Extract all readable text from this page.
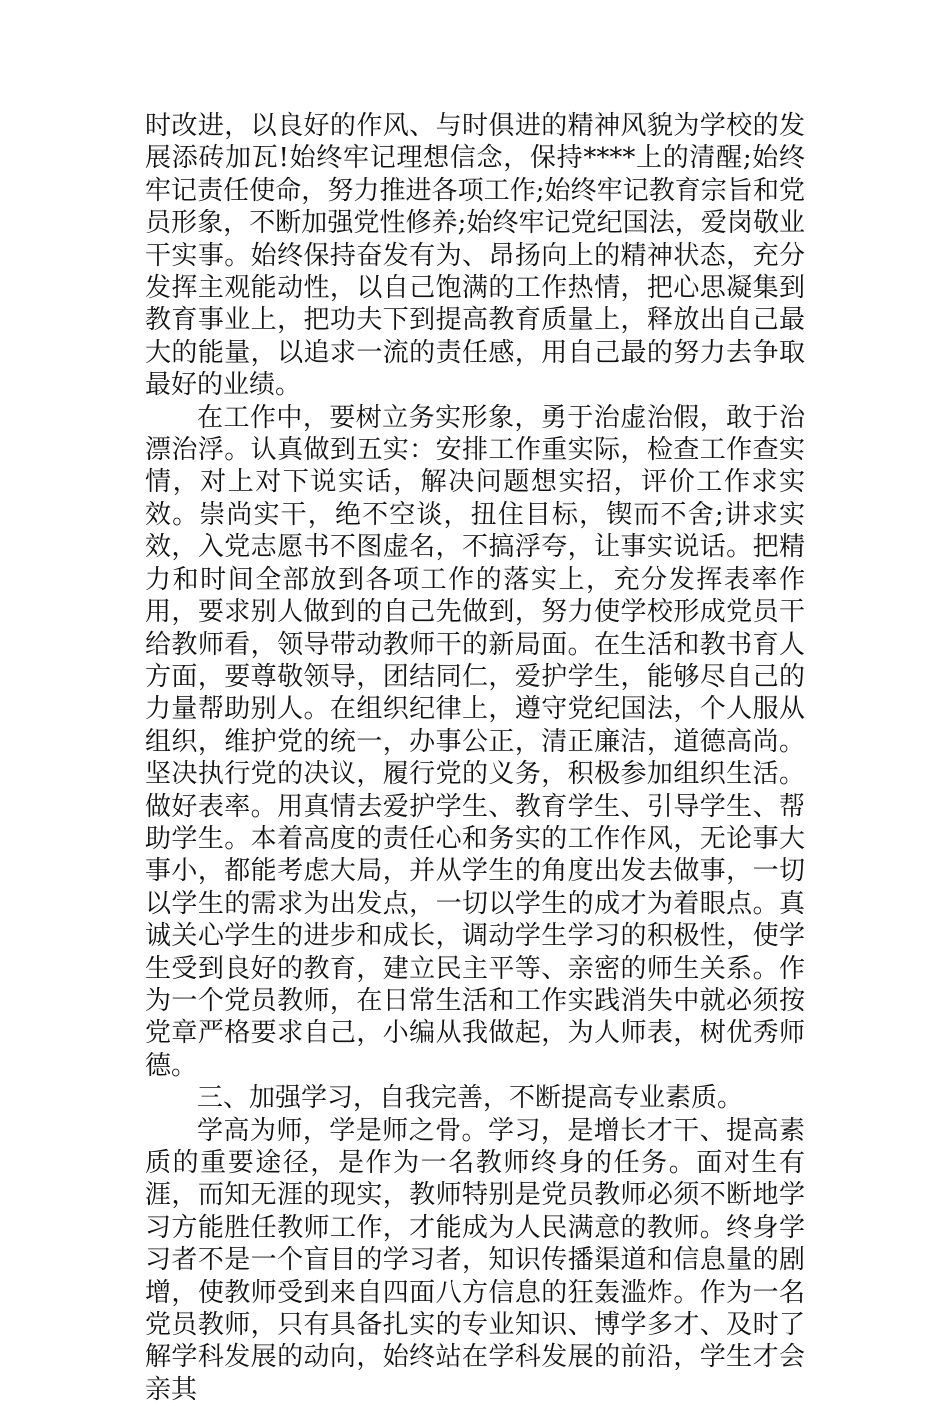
时改进，以良好的作风、与时俱进的精神风貌为学校的发展添砖加瓦!始终牢记理想信念，保持****上的清醒;始终牢记责任使命，努力推进各项工作;始终牢记教育宗旨和党员形象，不断加强党性修养;始终牢记党纪国法，爱岗敬业干实事。始终保持奋发有为、昂扬向上的精神状态，充分发挥主观能动性，以自己饱满的工作热情，把心思凝集到教育事业上，把功夫下到提高教育质量上，释放出自己最大的能量，以追求一流的责任感，用自己最的努力去争取最好的业绩。

在工作中，要树立务实形象，勇于治虚治假，敢于治漂治浮。认真做到五实：安排工作重实际，检查工作查实情，对上对下说实话，解决问题想实招，评价工作求实效。崇尚实干，绝不空谈，扭住目标，锲而不舍;讲求实效，入党志愿书不图虚名，不搞浮夸，让事实说话。把精力和时间全部放到各项工作的落实上，充分发挥表率作用，要求别人做到的自己先做到，努力使学校形成党员干给教师看，领导带动教师干的新局面。在生活和教书育人方面，要尊敬领导，团结同仁，爱护学生，能够尽自己的力量帮助别人。在组织纪律上，遵守党纪国法，个人服从组织，维护党的统一，办事公正，清正廉洁，道德高尚。坚决执行党的决议，履行党的义务，积极参加组织生活。做好表率。用真情去爱护学生、教育学生、引导学生、帮助学生。本着高度的责任心和务实的工作作风，无论事大事小，都能考虑大局，并从学生的角度出发去做事，一切以学生的需求为出发点，一切以学生的成才为着眼点。真诚关心学生的进步和成长，调动学生学习的积极性，使学生受到良好的教育，建立民主平等、亲密的师生关系。作为一个党员教师，在日常生活和工作实践消失中就必须按党章严格要求自己，小编从我做起，为人师表，树优秀师德。

三、加强学习，自我完善，不断提高专业素质。

学高为师，学是师之骨。学习，是增长才干、提高素质的重要途径，是作为一名教师终身的任务。面对生有涯，而知无涯的现实，教师特别是党员教师必须不断地学习方能胜任教师工作，才能成为人民满意的教师。终身学习者不是一个盲目的学习者，知识传播渠道和信息量的剧增，使教师受到来自四面八方信息的狂轰滥炸。作为一名党员教师，只有具备扎实的专业知识、博学多才、及时了解学科发展的动向，始终站在学科发展的前沿，学生才会亲其
